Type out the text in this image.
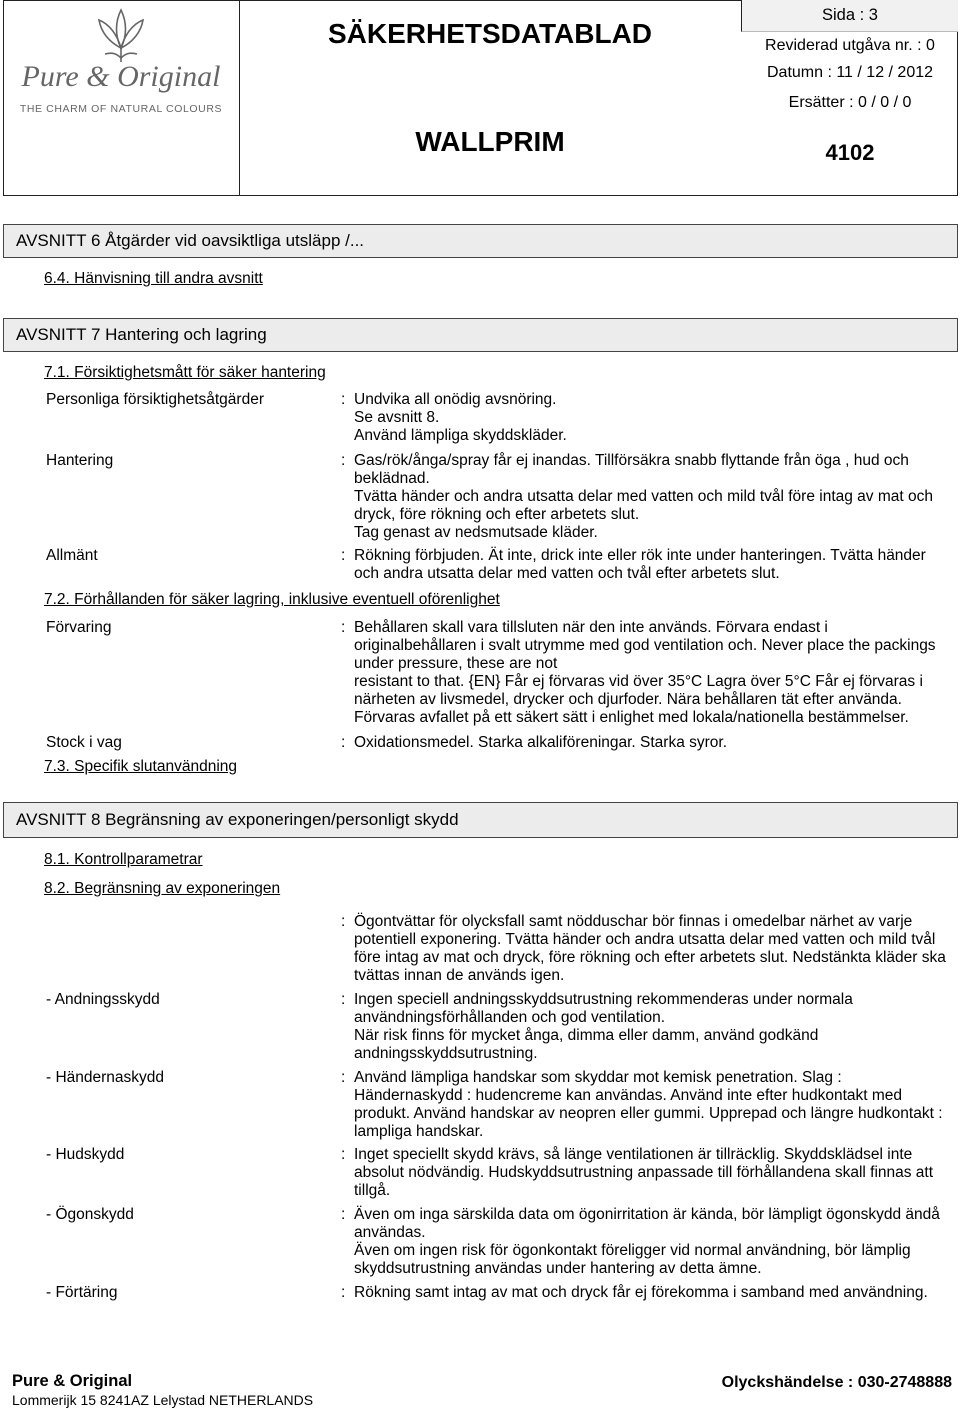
Pure & Original
THE CHARM OF NATURAL COLOURS
SÄKERHETSDATABLAD
WALLPRIM
Sida : 3
Reviderad utgåva nr. : 0
Datumn : 11 / 12 / 2012
Ersätter : 0 / 0 / 0
4102
AVSNITT 6 Åtgärder vid oavsiktliga utsläpp /...
6.4. Hänvisning till andra avsnitt
AVSNITT 7 Hantering och lagring
7.1. Försiktighetsmått för säker hantering
Personliga försiktighetsåtgärder	: Undvika all onödig avsnöring.
Se avsnitt 8.
Använd lämpliga skyddskläder.
Hantering	: Gas/rök/ånga/spray får ej inandas. Tillförsäkra snabb flyttande från öga , hud och beklädnad.
Tvätta händer och andra utsatta delar med vatten och mild tvål före intag av mat och dryck, före rökning och efter arbetets slut.
Tag genast av nedsmutsade kläder.
Allmänt	: Rökning förbjuden. Ät inte, drick inte eller rök inte under hanteringen. Tvätta händer och andra utsatta delar med vatten och tvål efter arbetets slut.
7.2. Förhållanden för säker lagring, inklusive eventuell oförenlighet
Förvaring	: Behållaren skall vara tillsluten när den inte används. Förvara endast i originalbehållaren i svalt utrymme med god ventilation och. Never place the packings under pressure, these are not
resistant to that. {EN} Får ej förvaras vid över 35°C Lagra över 5°C Får ej förvaras i närheten av livsmedel, drycker och djurfoder. Nära behållaren tät efter använda.
Förvaras avfallet på ett säkert sätt i enlighet med lokala/nationella bestämmelser.
Stock i vag	: Oxidationsmedel. Starka alkaliföreningar. Starka syror.
7.3. Specifik slutanvändning
AVSNITT 8 Begränsning av exponeringen/personligt skydd
8.1. Kontrollparametrar
8.2. Begränsning av exponeringen
: Ögontvättar för olycksfall samt nödduschar bör finnas i omedelbar närhet av varje potentiell exponering. Tvätta händer och andra utsatta delar med vatten och mild tvål före intag av mat och dryck, före rökning och efter arbetets slut. Nedstänkta kläder ska tvättas innan de används igen.
- Andningsskydd	: Ingen speciell andningsskyddsutrustning rekommenderas under normala användningsförhållanden och god ventilation.
När risk finns för mycket ånga, dimma eller damm, använd godkänd andningsskyddsutrustning.
- Händernaskydd	: Använd lämpliga handskar som skyddar mot kemisk penetration. Slag : Händernaskydd : hudencreme kan användas. Använd inte efter hudkontakt med produkt. Använd handskar av neopren eller gummi. Upprepad och längre hudkontakt : lampliga handskar.
- Hudskydd	: Inget speciellt skydd krävs, så länge ventilationen är tillräcklig. Skyddsklädsel inte absolut nödvändig. Hudskyddsutrustning anpassade till förhållandena skall finnas att tillgå.
- Ögonskydd	: Även om inga särskilda data om ögonirritation är kända, bör lämpligt ögonskydd ändå användas.
Även om ingen risk för ögonkontakt föreligger vid normal användning, bör lämplig skyddsutrustning användas under hantering av detta ämne.
- Förtäring	: Rökning samt intag av mat och dryck får ej förekomma i samband med användning.
Pure & Original
Lommerijk 15 8241AZ Lelystad NETHERLANDS
Olyckshändelse : 030-2748888
